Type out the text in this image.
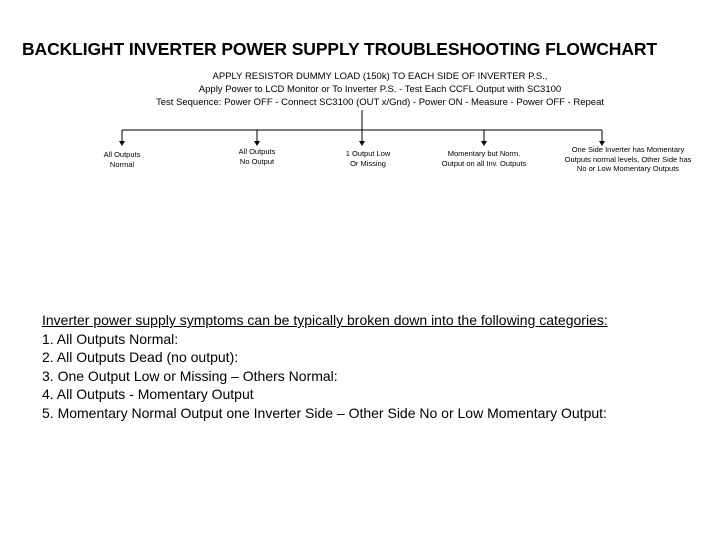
BACKLIGHT INVERTER POWER SUPPLY TROUBLESHOOTING FLOWCHART
APPLY RESISTOR DUMMY LOAD (150k) TO EACH SIDE OF INVERTER P.S.,
Apply Power to LCD Monitor or To Inverter P.S. - Test Each CCFL Output with SC3100
Test Sequence: Power OFF - Connect SC3100 (OUT x/Gnd) - Power ON - Measure - Power OFF - Repeat
All Outputs
Normal
All Outputs
No Output
1 Output Low
Or Missing
Momentary but Norm.
Output on all Inv. Outputs
One Side Inverter has Momentary
Outputs normal levels, Other Side has
No or Low Momentary Outputs
Inverter power supply symptoms can be typically broken down into the following categories:
1. All Outputs Normal:
2. All Outputs Dead (no output):
3. One Output Low or Missing – Others Normal:
4. All Outputs - Momentary Output
5. Momentary Normal Output one Inverter Side – Other Side No or Low Momentary Output:
